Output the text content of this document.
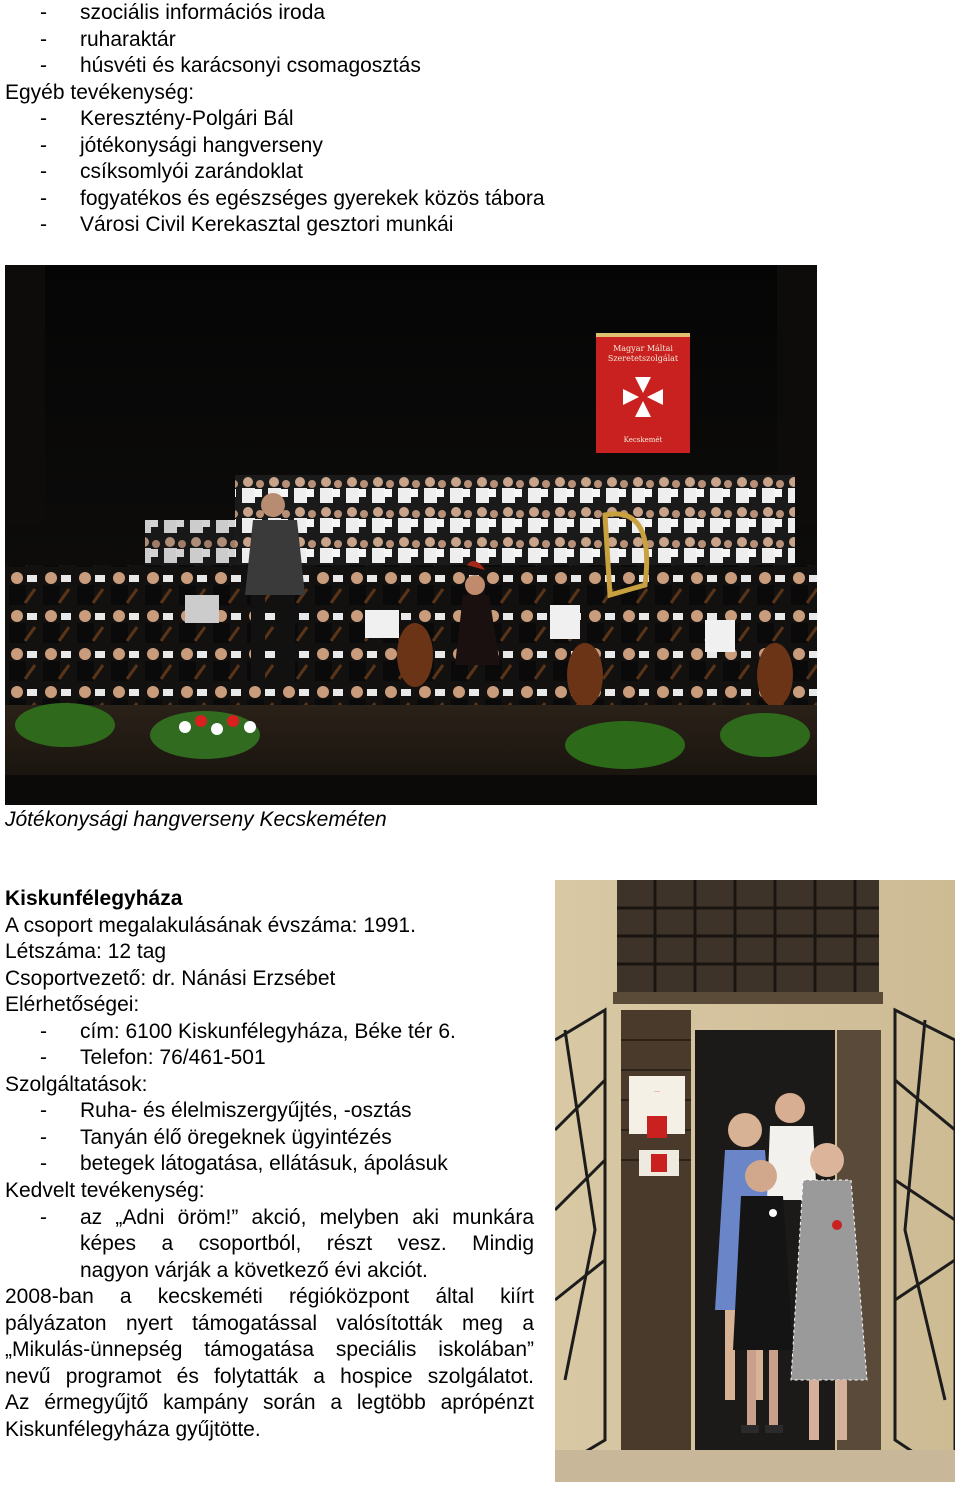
- szociális információs iroda
- ruharaktár
- húsvéti és karácsonyi csomagosztás
Egyéb tevékenység:
- Keresztény-Polgári Bál
- jótékonysági hangverseny
- csíksomlyói zarándoklat
- fogyatékos és egészséges gyerekek közös tábora
- Városi Civil Kerekasztal gesztori munkái
Magyar Máltai
Szeretetszolgálat
Kecskemét
Jótékonysági hangverseny Kecskeméten
Kiskunfélegyháza
A csoport megalakulásának évszáma: 1991.
Létszáma: 12 tag
Csoportvezető: dr. Nánási Erzsébet
Elérhetőségei:
- cím: 6100 Kiskunfélegyháza, Béke tér 6.
- Telefon: 76/461-501
Szolgáltatások:
- Ruha- és élelmiszergyűjtés, -osztás
- Tanyán élő öregeknek ügyintézés
- betegek látogatása, ellátásuk, ápolásuk
Kedvelt tevékenység:
- az „Adni öröm!” akció, melyben aki munkára
képes a csoportból, részt vesz. Mindig
nagyon várják a következő évi akciót.
2008-ban a kecskeméti régióközpont által kiírt
pályázaton nyert támogatással valósították meg a
„Mikulás-ünnepség támogatása speciális iskolában”
nevű programot és folytatták a hospice szolgálatot.
Az érmegyűjtő kampány során a legtöbb aprópénzt
Kiskunfélegyháza gyűjtötte.
…
